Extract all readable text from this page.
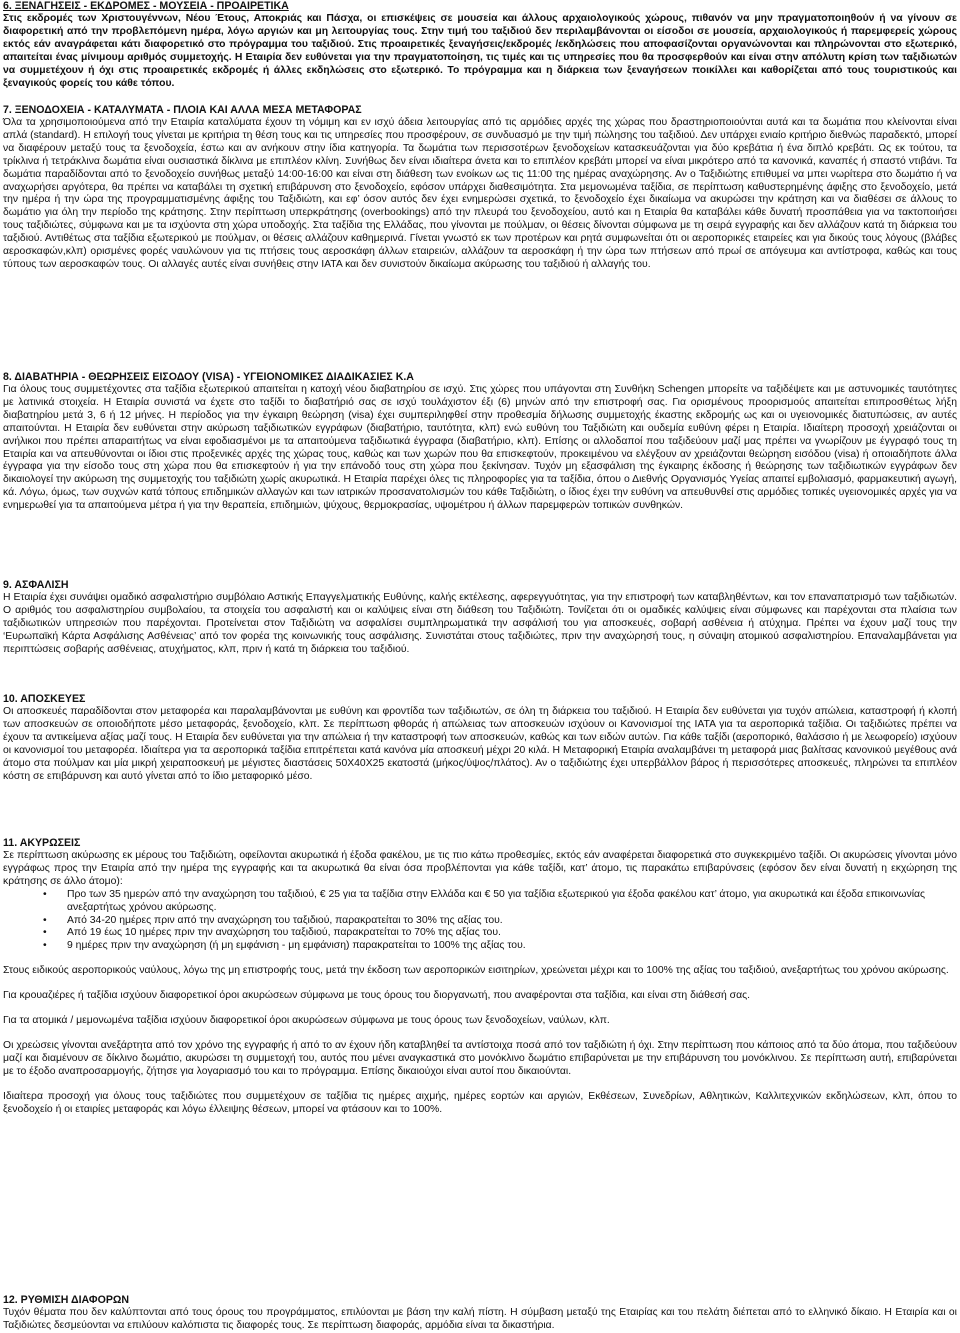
6. ΞΕΝΑΓΗΣΕΙΣ - ΕΚΔΡΟΜΕΣ - ΜΟΥΣΕΙΑ - ΠΡΟΑΙΡΕΤΙΚΑ

Στις εκδρομές των Χριστουγέννων, Νέου Έτους, Αποκριάς και Πάσχα, οι επισκέψεις σε μουσεία και άλλους αρχαιολογικούς χώρους, πιθανόν να μην πραγματοποιηθούν ή να γίνουν σε διαφορετική από την προβλεπόμενη ημέρα, λόγω αργιών και μη λειτουργίας τους. Στην τιμή του ταξιδιού δεν περιλαμβάνονται οι είσοδοι σε μουσεία, αρχαιολογικούς ή παρεμφερείς χώρους εκτός εάν αναγράφεται κάτι διαφορετικό στο πρόγραμμα του ταξιδιού. Στις προαιρετικές ξεναγήσεις/εκδρομές /εκδηλώσεις που αποφασίζονται οργανώνονται και πληρώνονται στο εξωτερικό, απαιτείται ένας μίνιμουμ αριθμός συμμετοχής. Η Εταιρία δεν ευθύνεται για την πραγματοποίηση, τις τιμές και τις υπηρεσίες που θα προσφερθούν και είναι στην απόλυτη κρίση των ταξιδιωτών να συμμετέχουν ή όχι στις προαιρετικές εκδρομές ή άλλες εκδηλώσεις στο εξωτερικό. Το πρόγραμμα και η διάρκεια των ξεναγήσεων ποικίλλει και καθορίζεται από τους τουριστικούς και ξεναγικούς φορείς του κάθε τόπου.

7. ΞΕΝΟΔΟΧΕΙΑ - ΚΑΤΑΛΥΜΑΤΑ - ΠΛΟΙΑ ΚΑΙ ΑΛΛΑ ΜΕΣΑ ΜΕΤΑΦΟΡΑΣ

Όλα τα χρησιμοποιούμενα από την Εταιρία καταλύματα έχουν τη νόμιμη και εν ισχύ άδεια λειτουργίας από τις αρμόδιες αρχές της χώρας που δραστηριοποιούνται αυτά και τα δωμάτια που κλείνονται είναι απλά (standard). Η επιλογή τους γίνεται με κριτήρια τη θέση τους και τις υπηρεσίες που προσφέρουν, σε συνδυασμό με την τιμή πώλησης του ταξιδιού. Δεν υπάρχει ενιαίο κριτήριο διεθνώς παραδεκτό, μπορεί να διαφέρουν μεταξύ τους τα ξενοδοχεία, έστω και αν ανήκουν στην ίδια κατηγορία. Τα δωμάτια των περισσοτέρων ξενοδοχείων κατασκευάζονται για δύο κρεβάτια ή ένα διπλό κρεβάτι. Ως εκ τούτου, τα τρίκλινα ή τετράκλινα δωμάτια είναι ουσιαστικά δίκλινα με επιπλέον κλίνη. Συνήθως δεν είναι ιδιαίτερα άνετα και το επιπλέον κρεβάτι μπορεί να είναι μικρότερο από τα κανονικά, καναπές ή σπαστό ντιβάνι. Τα δωμάτια παραδίδονται από το ξενοδοχείο συνήθως μεταξύ 14:00-16:00 και είναι στη διάθεση των ενοίκων ως τις 11:00 της ημέρας αναχώρησης. Αν ο Ταξιδιώτης επιθυμεί να μπει νωρίτερα στο δωμάτιο ή να αναχωρήσει αργότερα, θα πρέπει να καταβάλει τη σχετική επιβάρυνση στο ξενοδοχείο, εφόσον υπάρχει διαθεσιμότητα. Στα μεμονωμένα ταξίδια, σε περίπτωση καθυστερημένης άφιξης στο ξενοδοχείο, μετά την ημέρα ή την ώρα της προγραμματισμένης άφιξης του Ταξιδιώτη, και εφ’ όσον αυτός δεν έχει ενημερώσει σχετικά, το ξενοδοχείο έχει δικαίωμα να ακυρώσει την κράτηση και να διαθέσει σε άλλους το δωμάτιο για όλη την περίοδο της κράτησης. Στην περίπτωση υπερκράτησης (overbookings) από την πλευρά του ξενοδοχείου, αυτό και η Εταιρία θα καταβάλει κάθε δυνατή προσπάθεια για να τακτοποιήσει τους ταξιδιώτες, σύμφωνα και με τα ισχύοντα στη χώρα υποδοχής. Στα ταξίδια της Ελλάδας, που γίνονται με πούλμαν, οι θέσεις δίνονται σύμφωνα με τη σειρά εγγραφής και δεν αλλάζουν κατά τη διάρκεια του ταξιδιού. Αντιθέτως στα ταξίδια εξωτερικού με πούλμαν, οι θέσεις αλλάζουν καθημερινά. Γίνεται γνωστό εκ των προτέρων και ρητά συμφωνείται ότι οι αεροπορικές εταιρείες και για δικούς τους λόγους (βλάβες αεροσκαφών,κλπ) ορισμένες φορές ναυλώνουν για τις πτήσεις τους αεροσκάφη άλλων εταιρειών, αλλάζουν τα αεροσκάφη ή την ώρα των πτήσεων από πρωί σε απόγευμα και αντίστροφα, καθώς και τους τύπους των αεροσκαφών τους. Οι αλλαγές αυτές είναι συνήθεις στην IATA και δεν συνιστούν δικαίωμα ακύρωσης του ταξιδιού ή αλλαγής του.

8. ΔΙΑΒΑΤΗΡΙΑ - ΘΕΩΡΗΣΕΙΣ ΕΙΣΟΔΟΥ (VISA) - ΥΓΕΙΟΝΟΜΙΚΕΣ ΔΙΑΔΙΚΑΣΙΕΣ Κ.Α

Για όλους τους συμμετέχοντες στα ταξίδια εξωτερικού απαιτείται η κατοχή νέου διαβατηρίου σε ισχύ. Στις χώρες που υπάγονται στη Συνθήκη Schengen μπορείτε να ταξιδέψετε και με αστυνομικές ταυτότητες με λατινικά στοιχεία. Η Εταιρία συνιστά να έχετε στο ταξίδι το διαβατήριό σας σε ισχύ τουλάχιστον έξι (6) μηνών από την επιστροφή σας. Για ορισμένους προορισμούς απαιτείται επιπροσθέτως λήξη διαβατηρίου μετά 3, 6 ή 12 μήνες. Η περίοδος για την έγκαιρη θεώρηση (visa) έχει συμπεριληφθεί στην προθεσμία δήλωσης συμμετοχής έκαστης εκδρομής ως και οι υγειονομικές διατυπώσεις, αν αυτές απαιτούνται. Η Εταιρία δεν ευθύνεται στην ακύρωση ταξιδιωτικών εγγράφων (διαβατήριο, ταυτότητα, κλπ) ενώ ευθύνη του Ταξιδιώτη και ουδεμία ευθύνη φέρει η Εταιρία. Ιδιαίτερη προσοχή χρειάζονται οι ανήλικοι που πρέπει απαραιτήτως να είναι εφοδιασμένοι με τα απαιτούμενα ταξιδιωτικά έγγραφα (διαβατήριο, κλπ). Επίσης οι αλλοδαποί που ταξιδεύουν μαζί μας πρέπει να γνωρίζουν με έγγραφό τους τη Εταιρία και να απευθύνονται οι ίδιοι στις προξενικές αρχές της χώρας τους, καθώς και των χωρών που θα επισκεφτούν, προκειμένου να ελέγξουν αν χρειάζονται θεώρηση εισόδου (visa) ή οποιαδήποτε άλλα έγγραφα για την είσοδο τους στη χώρα που θα επισκεφτούν ή για την επάνοδό τους στη χώρα που ξεκίνησαν. Τυχόν μη εξασφάλιση της έγκαιρης έκδοσης ή θεώρησης των ταξιδιωτικών εγγράφων δεν δικαιολογεί την ακύρωση της συμμετοχής του ταξιδιώτη χωρίς ακυρωτικά. Η Εταιρία παρέχει όλες τις πληροφορίες για τα ταξίδια, όπου ο Διεθνής Οργανισμός Υγείας απαιτεί εμβολιασμό, φαρμακευτική αγωγή, κά. Λόγω, όμως, των συχνών κατά τόπους επιδημικών αλλαγών και των ιατρικών προσανατολισμών του κάθε Ταξιδιώτη, ο ίδιος έχει την ευθύνη να απευθυνθεί στις αρμόδιες τοπικές υγειονομικές αρχές για να ενημερωθεί για τα απαιτούμενα μέτρα ή για την θεραπεία, επιδημιών, ψύχους, θερμοκρασίας, υψομέτρου ή άλλων παρεμφερών τοπικών συνθηκών.

9. ΑΣΦΑΛΙΣΗ

Η Εταιρία έχει συνάψει ομαδικό ασφαλιστήριο συμβόλαιο Αστικής Επαγγελματικής Ευθύνης, καλής εκτέλεσης, αφερεγγυότητας, για την επιστροφή των καταβληθέντων, και τον επαναπατρισμό των ταξιδιωτών. Ο αριθμός του ασφαλιστηρίου συμβολαίου, τα στοιχεία του ασφαλιστή και οι καλύψεις είναι στη διάθεση του Ταξιδιώτη. Τονίζεται ότι οι ομαδικές καλύψεις είναι σύμφωνες και παρέχονται στα πλαίσια των ταξιδιωτικών υπηρεσιών που παρέχονται. Προτείνεται στον Ταξιδιώτη να ασφαλίσει συμπληρωματικά την ασφάλισή του για αποσκευές, σοβαρή ασθένεια ή ατύχημα. Πρέπει να έχουν μαζί τους την ‘Ευρωπαϊκή Κάρτα Ασφάλισης Ασθένειας’ από τον φορέα της κοινωνικής τους ασφάλισης. Συνιστάται στους ταξιδιώτες, πριν την αναχώρησή τους, η σύναψη ατομικού ασφαλιστηρίου. Επαναλαμβάνεται για περιπτώσεις σοβαρής ασθένειας, ατυχήματος, κλπ, πριν ή κατά τη διάρκεια του ταξιδιού.

10. ΑΠΟΣΚΕΥΕΣ

Οι αποσκευές παραδίδονται στον μεταφορέα και παραλαμβάνονται με ευθύνη και φροντίδα των ταξιδιωτών, σε όλη τη διάρκεια του ταξιδιού. Η Εταιρία δεν ευθύνεται για τυχόν απώλεια, καταστροφή ή κλοπή των αποσκευών σε οποιοδήποτε μέσο μεταφοράς, ξενοδοχείο, κλπ. Σε περίπτωση φθοράς ή απώλειας των αποσκευών ισχύουν οι Κανονισμοί της IATA για τα αεροπορικά ταξίδια. Οι ταξιδιώτες πρέπει να έχουν τα αντικείμενα αξίας μαζί τους. Η Εταιρία δεν ευθύνεται για την απώλεια ή την καταστροφή των αποσκευών, καθώς και των ειδών αυτών. Για κάθε ταξίδι (αεροπορικό, θαλάσσιο ή με λεωφορείο) ισχύουν οι κανονισμοί του μεταφορέα. Ιδιαίτερα για τα αεροπορικά ταξίδια επιτρέπεται κατά κανόνα μία αποσκευή μέχρι 20 κιλά. Η Μεταφορική Εταιρία αναλαμβάνει τη μεταφορά μιας βαλίτσας κανονικού μεγέθους ανά άτομο στα πούλμαν και μία μικρή χειραποσκευή με μέγιστες διαστάσεις 50Χ40Χ25 εκατοστά (μήκος/ύψος/πλάτος). Αν ο ταξιδιώτης έχει υπερβάλλον βάρος ή περισσότερες αποσκευές, πληρώνει τα επιπλέον κόστη σε επιβάρυνση και αυτό γίνεται από το ίδιο μεταφορικό μέσο.

11. ΑΚΥΡΩΣΕΙΣ

Σε περίπτωση ακύρωσης εκ μέρους του Ταξιδιώτη, οφείλονται ακυρωτικά ή έξοδα φακέλου, με τις πιο κάτω προθεσμίες, εκτός εάν αναφέρεται διαφορετικά στο συγκεκριμένο ταξίδι. Οι ακυρώσεις γίνονται μόνο εγγράφως προς την Εταιρία από την ημέρα της εγγραφής και τα ακυρωτικά θα είναι όσα προβλέπονται για κάθε ταξίδι, κατ’ άτομο, τις παρακάτω επιβαρύνσεις (εφόσον δεν είναι δυνατή η εκχώρηση της κράτησης σε άλλο άτομο):

• Προ των 35 ημερών από την αναχώρηση του ταξιδιού, € 25 για τα ταξίδια στην Ελλάδα και € 50 για ταξίδια εξωτερικού για έξοδα φακέλου κατ’ άτομο, για ακυρωτικά και έξοδα επικοινωνίας ανεξαρτήτως χρόνου ακύρωσης.
• Από 34-20 ημέρες πριν από την αναχώρηση του ταξιδιού, παρακρατείται το 30% της αξίας του.
• Από 19 έως 10 ημέρες πριν την αναχώρηση του ταξιδιού, παρακρατείται το 70% της αξίας του.
• 9 ημέρες πριν την αναχώρηση (ή μη εμφάνιση - μη εμφάνιση) παρακρατείται το 100% της αξίας του.

Στους ειδικούς αεροπορικούς ναύλους, λόγω της μη επιστροφής τους, μετά την έκδοση των αεροπορικών εισιτηρίων, χρεώνεται μέχρι και το 100% της αξίας του ταξιδιού, ανεξαρτήτως του χρόνου ακύρωσης.

Για κρουαζιέρες ή ταξίδια ισχύουν διαφορετικοί όροι ακυρώσεων σύμφωνα με τους όρους του διοργανωτή, που αναφέρονται στα ταξίδια, και είναι στη διάθεσή σας.

Για τα ατομικά / μεμονωμένα ταξίδια ισχύουν διαφορετικοί όροι ακυρώσεων σύμφωνα με τους όρους των ξενοδοχείων, ναύλων, κλπ.

Οι χρεώσεις γίνονται ανεξάρτητα από τον χρόνο της εγγραφής ή από το αν έχουν ήδη καταβληθεί τα αντίστοιχα ποσά από τον ταξιδιώτη ή όχι. Στην περίπτωση που κάποιος από τα δύο άτομα, που ταξιδεύουν μαζί και διαμένουν σε δίκλινο δωμάτιο, ακυρώσει τη συμμετοχή του, αυτός που μένει αναγκαστικά στο μονόκλινο δωμάτιο επιβαρύνεται με την επιβάρυνση του μονόκλινου. Σε περίπτωση αυτή, επιβαρύνεται με το έξοδο αναπροσαρμογής, ζήτησε για λογαριασμό του και το πρόγραμμα. Επίσης δικαιούχοι είναι αυτοί που δικαιούνται.

Ιδιαίτερα προσοχή για όλους τους ταξιδιώτες που συμμετέχουν σε ταξίδια τις ημέρες αιχμής, ημέρες εορτών και αργιών, Εκθέσεων, Συνεδρίων, Αθλητικών, Καλλιτεχνικών εκδηλώσεων, κλπ, όπου το ξενοδοχείο ή οι εταιρίες μεταφοράς και λόγω έλλειψης θέσεων, μπορεί να φτάσουν και το 100%.

12. ΡΥΘΜΙΣΗ ΔΙΑΦΟΡΩΝ

Τυχόν θέματα που δεν καλύπτονται από τους όρους του προγράμματος, επιλύονται με βάση την καλή πίστη. Η σύμβαση μεταξύ της Εταιρίας και του πελάτη διέπεται από το ελληνικό δίκαιο. Η Εταιρία και οι Ταξιδιώτες δεσμεύονται να επιλύουν καλόπιστα τις διαφορές τους. Σε περίπτωση διαφοράς, αρμόδια είναι τα δικαστήρια.
